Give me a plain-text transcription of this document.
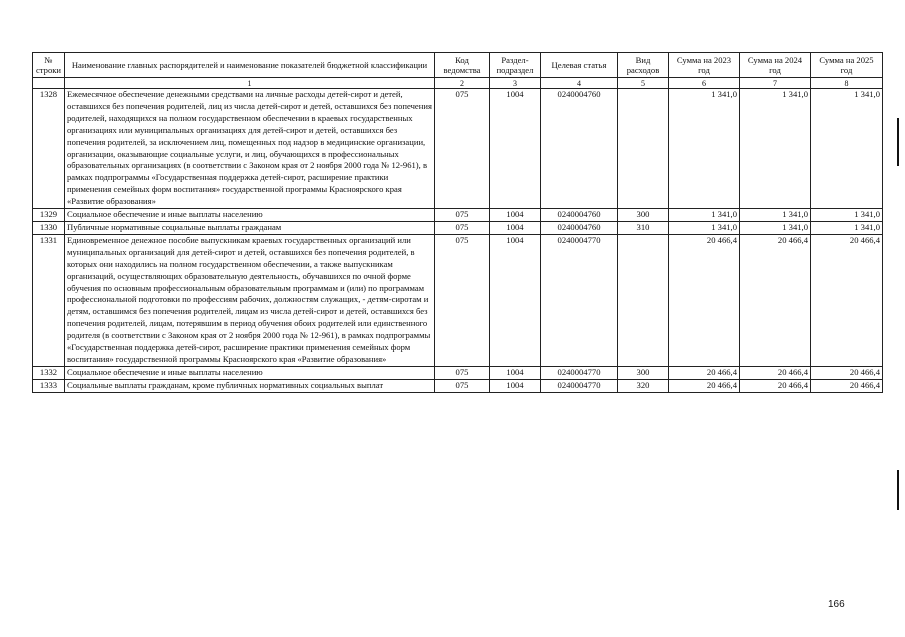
№ строки	Наименование главных распорядителей и наименование показателей бюджетной классификации	Код ведомства	Раздел-подраздел	Целевая статья	Вид расходов	Сумма на 2023 год	Сумма на 2024 год	Сумма на 2025 год
	1	2	3	4	5	6	7	8
1328	Ежемесячное обеспечение денежными средствами на личные расходы детей-сирот и детей, оставшихся без попечения родителей, лиц из числа детей-сирот и детей, оставшихся без попечения родителей, находящихся на полном государственном обеспечении в краевых государственных организациях или муниципальных организациях для детей-сирот и детей, оставшихся без попечения родителей, за исключением лиц, помещенных под надзор в медицинские организации, организации, оказывающие социальные услуги, и лиц, обучающихся в профессиональных образовательных организациях (в соответствии с Законом края от 2 ноября 2000 года № 12-961), в рамках подпрограммы «Государственная поддержка детей-сирот, расширение практики применения семейных форм воспитания» государственной программы Красноярского края «Развитие образования»	075	1004	0240004760		1 341,0	1 341,0	1 341,0
1329	Социальное обеспечение и иные выплаты населению	075	1004	0240004760	300	1 341,0	1 341,0	1 341,0
1330	Публичные нормативные социальные выплаты гражданам	075	1004	0240004760	310	1 341,0	1 341,0	1 341,0
1331	Единовременное денежное пособие выпускникам краевых государственных организаций или муниципальных организаций для детей-сирот и детей, оставшихся без попечения родителей, в которых они находились на полном государственном обеспечении, а также выпускникам организаций, осуществляющих образовательную деятельность, обучавшихся по очной форме обучения по основным профессиональным образовательным программам и (или) по программам профессиональной подготовки по профессиям рабочих, должностям служащих, - детям-сиротам и детям, оставшимся без попечения родителей, лицам из числа детей-сирот и детей, оставшихся без попечения родителей, лицам, потерявшим в период обучения обоих родителей или единственного родителя (в соответствии с Законом края от 2 ноября 2000 года № 12-961), в рамках подпрограммы «Государственная поддержка детей-сирот, расширение практики применения семейных форм воспитания» государственной программы Красноярского края «Развитие образования»	075	1004	0240004770		20 466,4	20 466,4	20 466,4
1332	Социальное обеспечение и иные выплаты населению	075	1004	0240004770	300	20 466,4	20 466,4	20 466,4
1333	Социальные выплаты гражданам, кроме публичных нормативных социальных выплат	075	1004	0240004770	320	20 466,4	20 466,4	20 466,4
166
